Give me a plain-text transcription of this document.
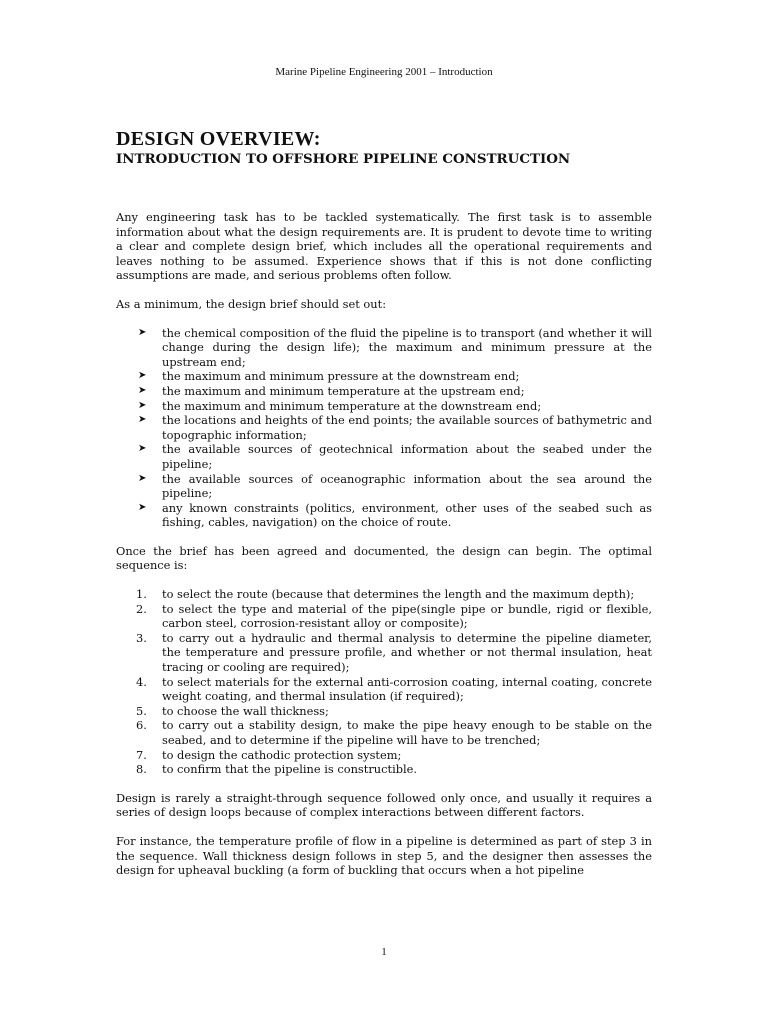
Marine Pipeline Engineering 2001 – Introduction
DESIGN OVERVIEW:
INTRODUCTION TO OFFSHORE PIPELINE CONSTRUCTION

Any engineering task has to be tackled systematically. The first task is to assemble information about what the design requirements are. It is prudent to devote time to writing a clear and complete design brief, which includes all the operational requirements and leaves nothing to be assumed. Experience shows that if this is not done conflicting assumptions are made, and serious problems often follow.

As a minimum, the design brief should set out:

➤ the chemical composition of the fluid the pipeline is to transport (and whether it will change during the design life); the maximum and minimum pressure at the upstream end;
➤ the maximum and minimum pressure at the downstream end;
➤ the maximum and minimum temperature at the upstream end;
➤ the maximum and minimum temperature at the downstream end;
➤ the locations and heights of the end points; the available sources of bathymetric and topographic information;
➤ the available sources of geotechnical information about the seabed under the pipeline;
➤ the available sources of oceanographic information about the sea around the pipeline;
➤ any known constraints (politics, environment, other uses of the seabed such as fishing, cables, navigation) on the choice of route.

Once the brief has been agreed and documented, the design can begin. The optimal sequence is:

1. to select the route (because that determines the length and the maximum depth);
2. to select the type and material of the pipe(single pipe or bundle, rigid or flexible, carbon steel, corrosion-resistant alloy or composite);
3. to carry out a hydraulic and thermal analysis to determine the pipeline diameter, the temperature and pressure profile, and whether or not thermal insulation, heat tracing or cooling are required);
4. to select materials for the external anti-corrosion coating, internal coating, concrete weight coating, and thermal insulation (if required);
5. to choose the wall thickness;
6. to carry out a stability design, to make the pipe heavy enough to be stable on the seabed, and to determine if the pipeline will have to be trenched;
7. to design the cathodic protection system;
8. to confirm that the pipeline is constructible.

Design is rarely a straight-through sequence followed only once, and usually it requires a series of design loops because of complex interactions between different factors.

For instance, the temperature profile of flow in a pipeline is determined as part of step 3 in the sequence. Wall thickness design follows in step 5, and the designer then assesses the design for upheaval buckling (a form of buckling that occurs when a hot pipeline

1
